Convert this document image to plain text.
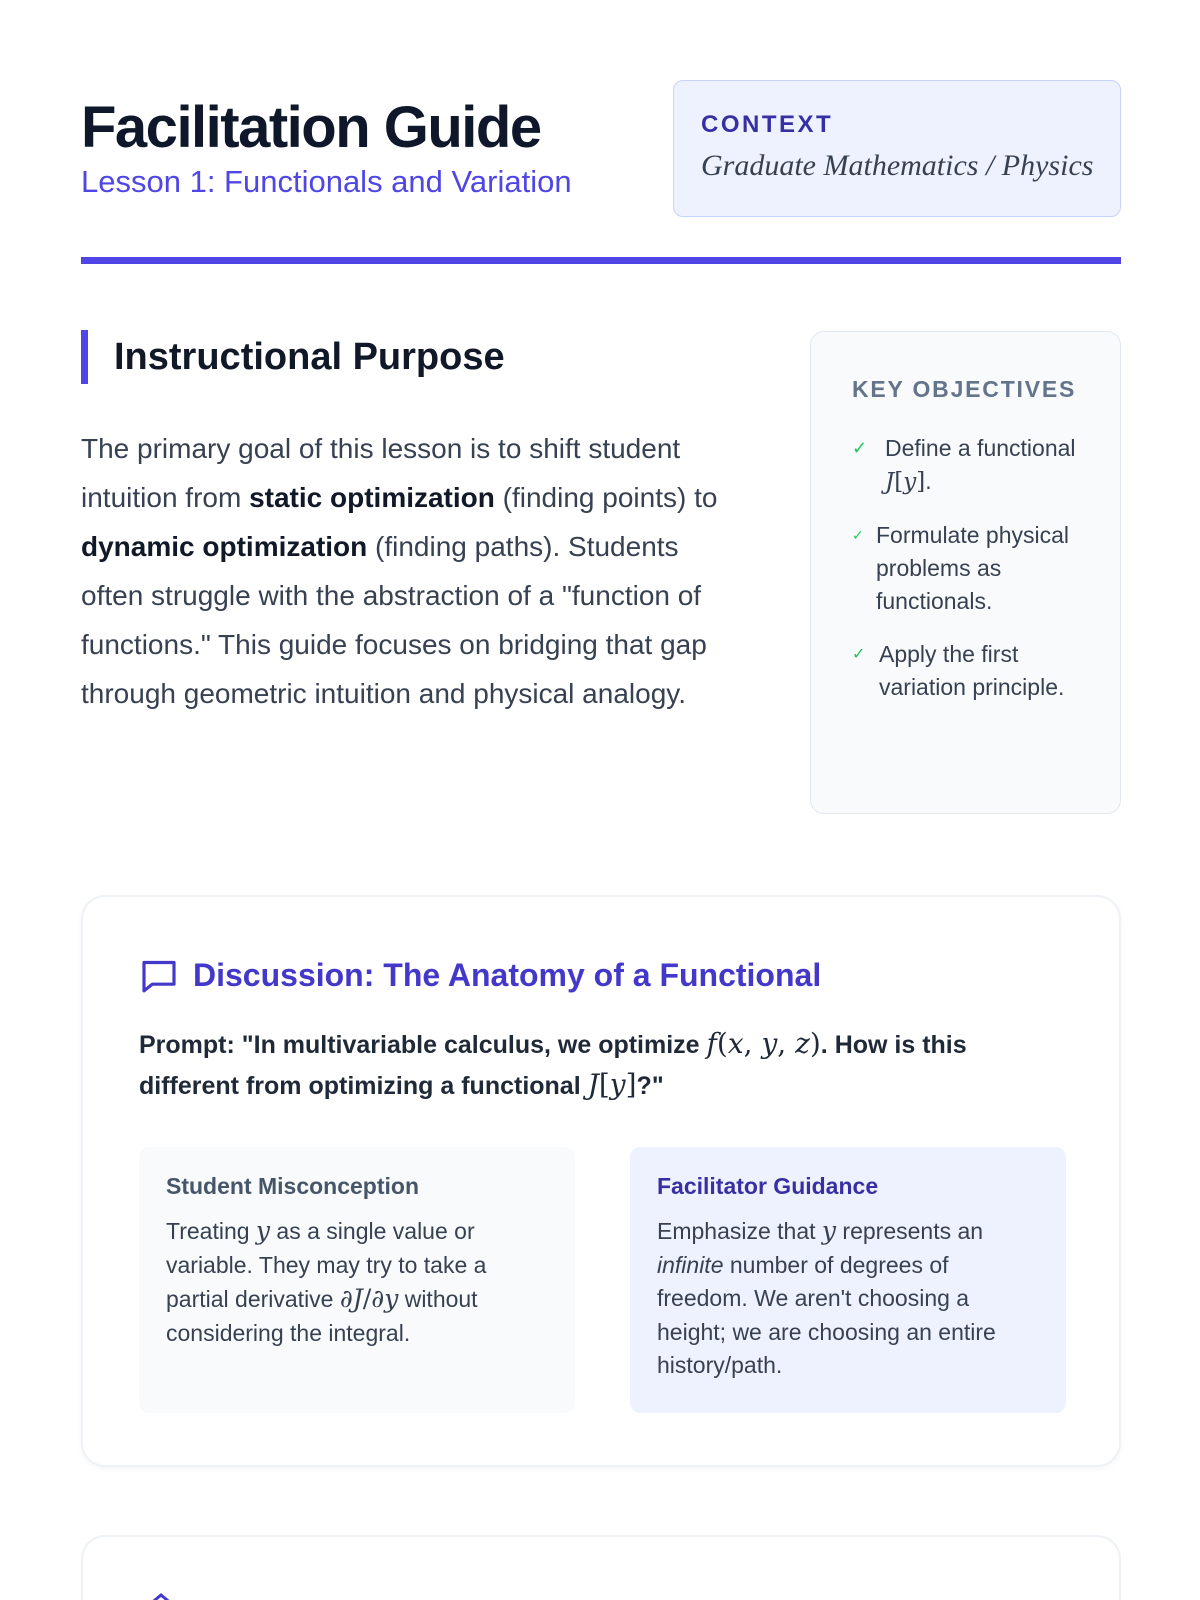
Facilitation Guide
Lesson 1: Functionals and Variation
CONTEXT
Graduate Mathematics / Physics
Instructional Purpose

The primary goal of this lesson is to shift student intuition from static optimization (finding points) to dynamic optimization (finding paths). Students often struggle with the abstraction of a "function of functions." This guide focuses on bridging that gap through geometric intuition and physical analogy.

KEY OBJECTIVES
✓ Define a functional J[y].
✓ Formulate physical problems as functionals.
✓ Apply the first variation principle.
Discussion: The Anatomy of a Functional

Prompt: "In multivariable calculus, we optimize f(x, y, z). How is this different from optimizing a functional J[y]?"

Student Misconception

Treating y as a single value or variable. They may try to take a partial derivative ∂J/∂y without considering the integral.

Facilitator Guidance

Emphasize that y represents an infinite number of degrees of freedom. We aren't choosing a height; we are choosing an entire history/path.
